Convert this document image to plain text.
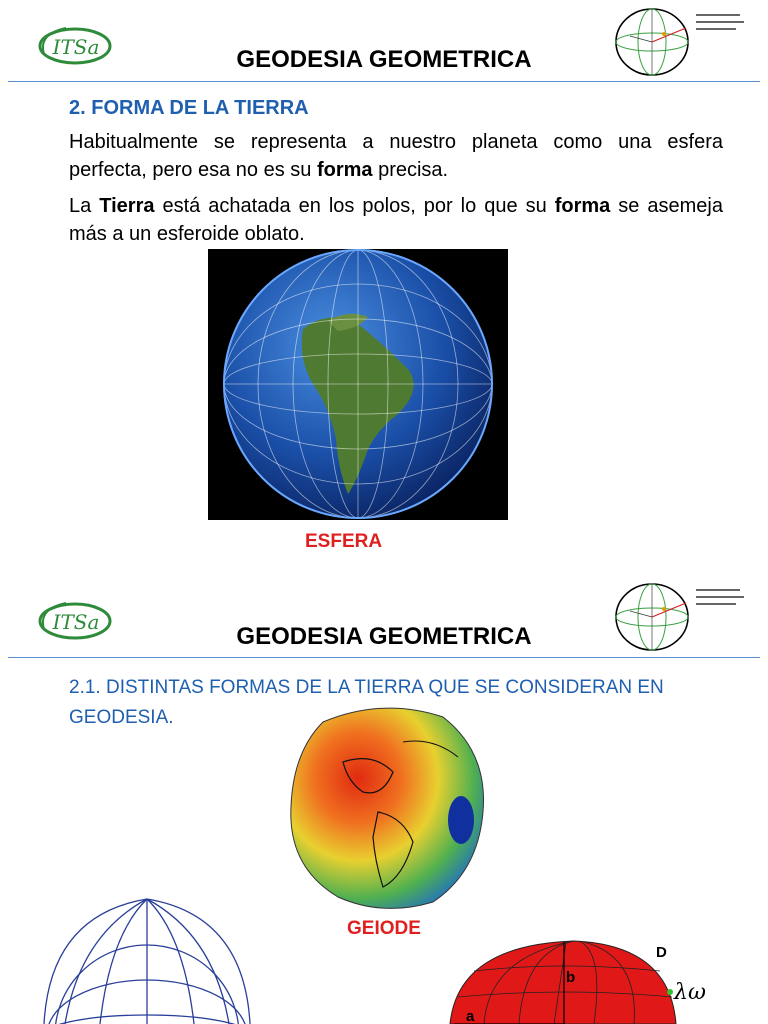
ITSa	GEODESIA GEOMETRICA
2. FORMA DE LA TIERRA
Habitualmente se representa a nuestro planeta como una esfera perfecta, pero esa no es su forma precisa.
La Tierra está achatada en los polos, por lo que su forma se asemeja más a un esferoide oblato.
ESFERA
ITSa
GEODESIA GEOMETRICA
2.1. DISTINTAS FORMAS DE LA TIERRA QUE SE CONSIDERAN EN GEODESIA.
GEIODE
D
b
a
λω
